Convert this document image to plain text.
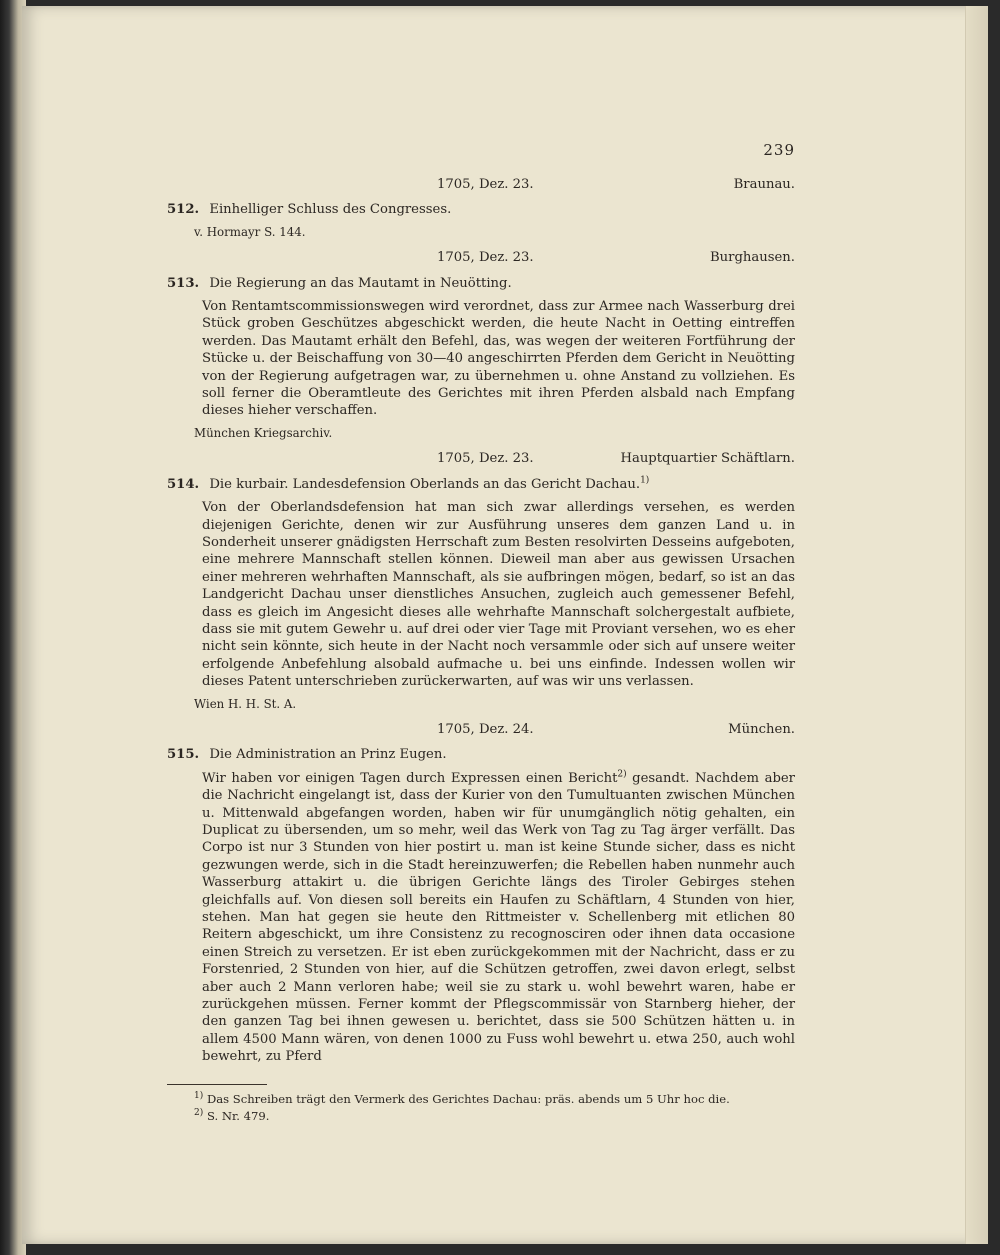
239
1705, Dez. 23.	Braunau.
512. Einhelliger Schluss des Congresses.
v. Hormayr S. 144.
1705, Dez. 23.	Burghausen.
513. Die Regierung an das Mautamt in Neuötting.

Von Rentamtscommissionswegen wird verordnet, dass zur Armee nach Wasserburg drei Stück groben Geschützes abgeschickt werden, die heute Nacht in Oetting eintreffen werden. Das Mautamt erhält den Befehl, das, was wegen der weiteren Fortführung der Stücke u. der Beischaffung von 30—40 angeschirrten Pferden dem Gericht in Neuötting von der Regierung aufgetragen war, zu übernehmen u. ohne Anstand zu vollziehen. Es soll ferner die Oberamtleute des Gerichtes mit ihren Pferden alsbald nach Empfang dieses hieher verschaffen.

München Kriegsarchiv.
1705, Dez. 23.	Hauptquartier Schäftlarn.
514. Die kurbair. Landesdefension Oberlands an das Gericht Dachau.$^{1)}$

Von der Oberlandsdefension hat man sich zwar allerdings versehen, es werden diejenigen Gerichte, denen wir zur Ausführung unseres dem ganzen Land u. in Sonderheit unserer gnädigsten Herrschaft zum Besten resolvirten Desseins aufgeboten, eine mehrere Mannschaft stellen können. Dieweil man aber aus gewissen Ursachen einer mehreren wehrhaften Mannschaft, als sie aufbringen mögen, bedarf, so ist an das Landgericht Dachau unser dienstliches Ansuchen, zugleich auch gemessener Befehl, dass es gleich im Angesicht dieses alle wehrhafte Mannschaft solchergestalt aufbiete, dass sie mit gutem Gewehr u. auf drei oder vier Tage mit Proviant versehen, wo es eher nicht sein könnte, sich heute in der Nacht noch versammle oder sich auf unsere weiter erfolgende Anbefehlung alsobald aufmache u. bei uns einfinde. Indessen wollen wir dieses Patent unterschrieben zurückerwarten, auf was wir uns verlassen.

Wien H. H. St. A.
1705, Dez. 24.	München.
515. Die Administration an Prinz Eugen.

Wir haben vor einigen Tagen durch Expressen einen Bericht$^{2)}$ gesandt. Nachdem aber die Nachricht eingelangt ist, dass der Kurier von den Tumultuanten zwischen München u. Mittenwald abgefangen worden, haben wir für unumgänglich nötig gehalten, ein Duplicat zu übersenden, um so mehr, weil das Werk von Tag zu Tag ärger verfällt. Das Corpo ist nur 3 Stunden von hier postirt u. man ist keine Stunde sicher, dass es nicht gezwungen werde, sich in die Stadt hereinzuwerfen; die Rebellen haben nunmehr auch Wasserburg attakirt u. die übrigen Gerichte längs des Tiroler Gebirges stehen gleichfalls auf. Von diesen soll bereits ein Haufen zu Schäftlarn, 4 Stunden von hier, stehen. Man hat gegen sie heute den Rittmeister v. Schellenberg mit etlichen 80 Reitern abgeschickt, um ihre Consistenz zu recognosciren oder ihnen data occasione einen Streich zu versetzen. Er ist eben zurückgekommen mit der Nachricht, dass er zu Forstenried, 2 Stunden von hier, auf die Schützen getroffen, zwei davon erlegt, selbst aber auch 2 Mann verloren habe; weil sie zu stark u. wohl bewehrt waren, habe er zurückgehen müssen. Ferner kommt der Pflegscommissär von Starnberg hieher, der den ganzen Tag bei ihnen gewesen u. berichtet, dass sie 500 Schützen hätten u. in allem 4500 Mann wären, von denen 1000 zu Fuss wohl bewehrt u. etwa 250, auch wohl bewehrt, zu Pferd

$^{1)}$ Das Schreiben trägt den Vermerk des Gerichtes Dachau: präs. abends um 5 Uhr hoc die.
$^{2)}$ S. Nr. 479.
